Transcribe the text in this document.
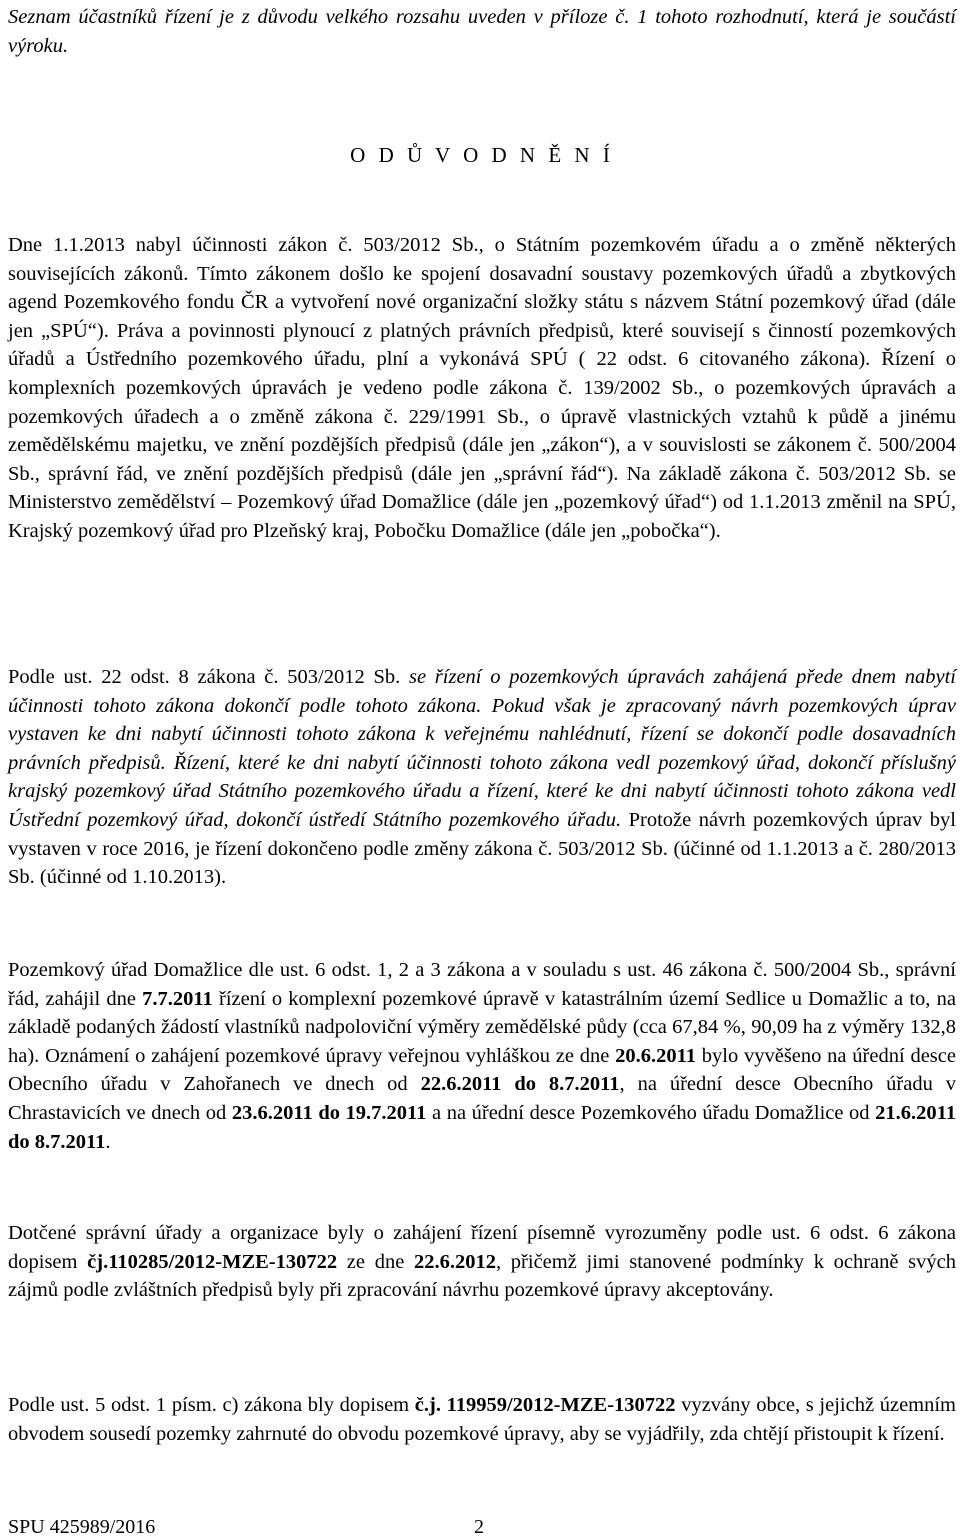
Seznam účastníků řízení je z důvodu velkého rozsahu uveden v příloze č. 1 tohoto rozhodnutí, která je součástí výroku.

O D Ů V O D N Ě N Í

Dne 1.1.2013 nabyl účinnosti zákon č. 503/2012 Sb., o Státním pozemkovém úřadu a o změně některých souvisejících zákonů. Tímto zákonem došlo ke spojení dosavadní soustavy pozemkových úřadů a zbytkových agend Pozemkového fondu ČR a vytvoření nové organizační složky státu s názvem Státní pozemkový úřad (dále jen „SPÚ“). Práva a povinnosti plynoucí z platných právních předpisů, které souvisejí s činností pozemkových úřadů a Ústředního pozemkového úřadu, plní a vykonává SPÚ ( 22 odst. 6 citovaného zákona). Řízení o komplexních pozemkových úpravách je vedeno podle zákona č. 139/2002 Sb., o pozemkových úpravách a pozemkových úřadech a o změně zákona č. 229/1991 Sb., o úpravě vlastnických vztahů k půdě a jinému zemědělskému majetku, ve znění pozdějších předpisů (dále jen „zákon“), a v souvislosti se zákonem č. 500/2004 Sb., správní řád, ve znění pozdějších předpisů (dále jen „správní řád“). Na základě zákona č. 503/2012 Sb. se Ministerstvo zemědělství – Pozemkový úřad Domažlice (dále jen „pozemkový úřad“) od 1.1.2013 změnil na SPÚ, Krajský pozemkový úřad pro Plzeňský kraj, Pobočku Domažlice (dále jen „pobočka“).

Podle ust. 22 odst. 8 zákona č. 503/2012 Sb. se řízení o pozemkových úpravách zahájená přede dnem nabytí účinnosti tohoto zákona dokončí podle tohoto zákona. Pokud však je zpracovaný návrh pozemkových úprav vystaven ke dni nabytí účinnosti tohoto zákona k veřejnému nahlédnutí, řízení se dokončí podle dosavadních právních předpisů. Řízení, které ke dni nabytí účinnosti tohoto zákona vedl pozemkový úřad, dokončí příslušný krajský pozemkový úřad Státního pozemkového úřadu a řízení, které ke dni nabytí účinnosti tohoto zákona vedl Ústřední pozemkový úřad, dokončí ústředí Státního pozemkového úřadu. Protože návrh pozemkových úprav byl vystaven v roce 2016, je řízení dokončeno podle změny zákona č. 503/2012 Sb. (účinné od 1.1.2013 a č. 280/2013 Sb. (účinné od 1.10.2013).

Pozemkový úřad Domažlice dle ust. 6 odst. 1, 2 a 3 zákona a v souladu s ust. 46 zákona č. 500/2004 Sb., správní řád, zahájil dne 7.7.2011 řízení o komplexní pozemkové úpravě v katastrálním území Sedlice u Domažlic a to, na základě podaných žádostí vlastníků nadpoloviční výměry zemědělské půdy (cca 67,84 %, 90,09 ha z výměry 132,8 ha). Oznámení o zahájení pozemkové úpravy veřejnou vyhláškou ze dne 20.6.2011 bylo vyvěšeno na úřední desce Obecního úřadu v Zahořanech ve dnech od 22.6.2011 do 8.7.2011, na úřední desce Obecního úřadu v Chrastavicích ve dnech od 23.6.2011 do 19.7.2011 a na úřední desce Pozemkového úřadu Domažlice od 21.6.2011 do 8.7.2011.

Dotčené správní úřady a organizace byly o zahájení řízení písemně vyrozuměny podle ust. 6 odst. 6 zákona dopisem čj.110285/2012-MZE-130722 ze dne 22.6.2012, přičemž jimi stanovené podmínky k ochraně svých zájmů podle zvláštních předpisů byly při zpracování návrhu pozemkové úpravy akceptovány.

Podle ust. 5 odst. 1 písm. c) zákona bly dopisem č.j. 119959/2012-MZE-130722 vyzvány obce, s jejichž územním obvodem sousedí pozemky zahrnuté do obvodu pozemkové úpravy, aby se vyjádřily, zda chtějí přistoupit k řízení.

SPU 425989/2016	2
